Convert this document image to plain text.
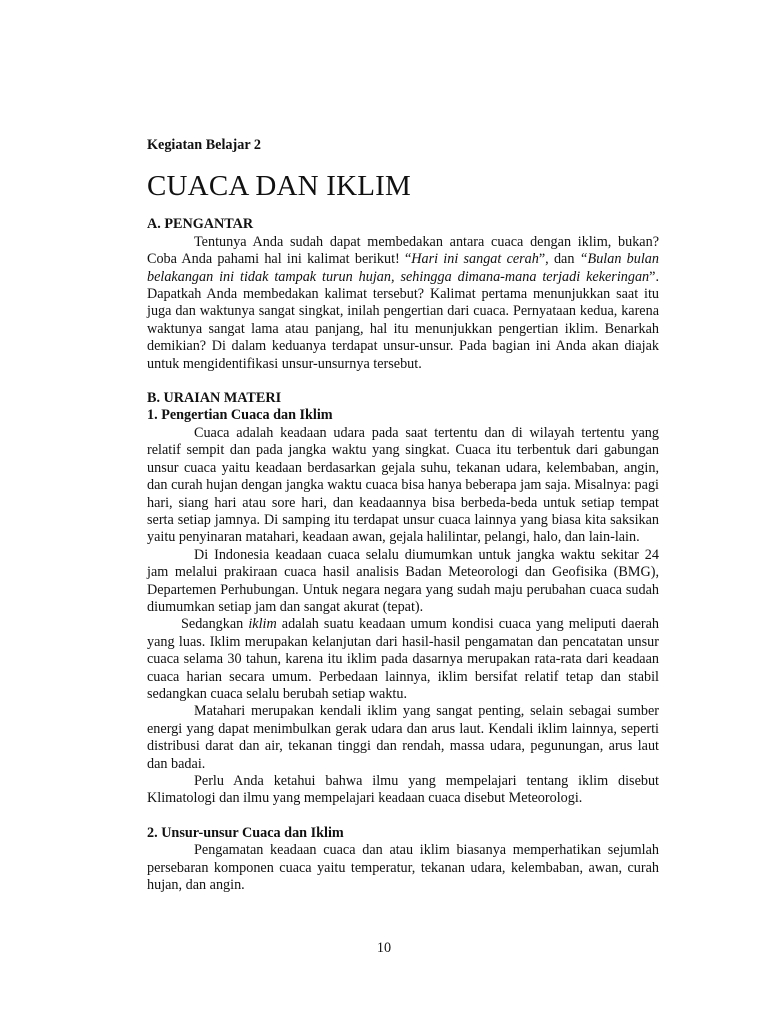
Kegiatan Belajar 2

CUACA DAN IKLIM

A. PENGANTAR

Tentunya Anda sudah dapat membedakan antara cuaca dengan iklim, bukan? Coba Anda pahami hal ini kalimat berikut! “Hari ini sangat cerah”, dan “Bulan bulan belakangan ini tidak tampak turun hujan, sehingga dimana-mana terjadi kekeringan”. Dapatkah Anda membedakan kalimat tersebut? Kalimat pertama menunjukkan saat itu juga dan waktunya sangat singkat, inilah pengertian dari cuaca. Pernyataan kedua, karena waktunya sangat lama atau panjang, hal itu menunjukkan pengertian iklim. Benarkah demikian? Di dalam keduanya terdapat unsur-unsur. Pada bagian ini Anda akan diajak untuk mengidentifikasi unsur-unsurnya tersebut.

B. URAIAN MATERI

1. Pengertian Cuaca dan Iklim

Cuaca adalah keadaan udara pada saat tertentu dan di wilayah tertentu yang relatif sempit dan pada jangka waktu yang singkat. Cuaca itu terbentuk dari gabungan unsur cuaca yaitu keadaan berdasarkan gejala suhu, tekanan udara, kelembaban, angin, dan curah hujan dengan jangka waktu cuaca bisa hanya beberapa jam saja. Misalnya: pagi hari, siang hari atau sore hari, dan keadaannya bisa berbeda-beda untuk setiap tempat serta setiap jamnya. Di samping itu terdapat unsur cuaca lainnya yang biasa kita saksikan yaitu penyinaran matahari, keadaan awan, gejala halilintar, pelangi, halo, dan lain-lain.

Di Indonesia keadaan cuaca selalu diumumkan untuk jangka waktu sekitar 24 jam melalui prakiraan cuaca hasil analisis Badan Meteorologi dan Geofisika (BMG), Departemen Perhubungan. Untuk negara negara yang sudah maju perubahan cuaca sudah diumumkan setiap jam dan sangat akurat (tepat).

Sedangkan iklim adalah suatu keadaan umum kondisi cuaca yang meliputi daerah yang luas. Iklim merupakan kelanjutan dari hasil-hasil pengamatan dan pencatatan unsur cuaca selama 30 tahun, karena itu iklim pada dasarnya merupakan rata-rata dari keadaan cuaca harian secara umum. Perbedaan lainnya, iklim bersifat relatif tetap dan stabil sedangkan cuaca selalu berubah setiap waktu.

Matahari merupakan kendali iklim yang sangat penting, selain sebagai sumber energi yang dapat menimbulkan gerak udara dan arus laut. Kendali iklim lainnya, seperti distribusi darat dan air, tekanan tinggi dan rendah, massa udara, pegunungan, arus laut dan badai.

Perlu Anda ketahui bahwa ilmu yang mempelajari tentang iklim disebut Klimatologi dan ilmu yang mempelajari keadaan cuaca disebut Meteorologi.

2. Unsur-unsur Cuaca dan Iklim

Pengamatan keadaan cuaca dan atau iklim biasanya memperhatikan sejumlah persebaran komponen cuaca yaitu temperatur, tekanan udara, kelembaban, awan, curah hujan, dan angin.

10
